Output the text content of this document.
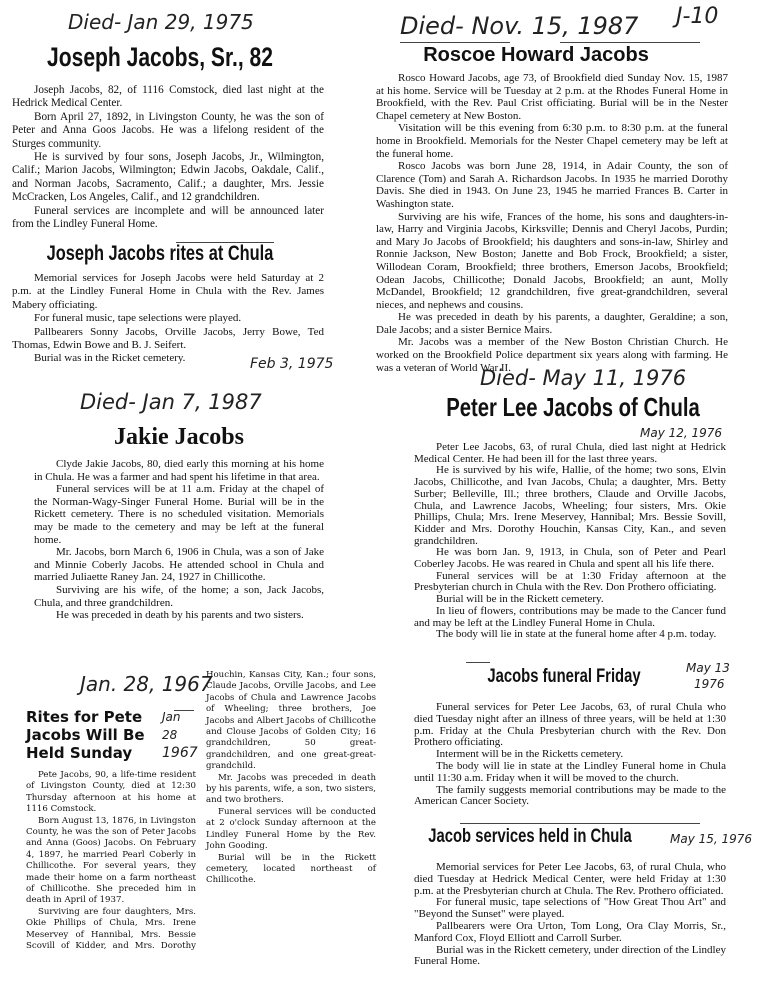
J-10
Died- Jan 29, 1975
Joseph Jacobs, Sr., 82

Joseph Jacobs, 82, of 1116 Comstock, died last night at the Hedrick Medical Center.

Born April 27, 1892, in Livingston County, he was the son of Peter and Anna Goos Jacobs. He was a lifelong resident of the Sturges community.

He is survived by four sons, Joseph Jacobs, Jr., Wilmington, Calif.; Marion Jacobs, Wilmington; Edwin Jacobs, Oakdale, Calif., and Norman Jacobs, Sacramento, Calif.; a daughter, Mrs. Jessie McCracken, Los Angeles, Calif., and 12 grandchildren.

Funeral services are incomplete and will be announced later from the Lindley Funeral Home.

Joseph Jacobs rites at Chula

Memorial services for Joseph Jacobs were held Saturday at 2 p.m. at the Lindley Funeral Home in Chula with the Rev. James Mabery officiating.

For funeral music, tape selections were played.

Pallbearers Sonny Jacobs, Orville Jacobs, Jerry Bowe, Ted Thomas, Edwin Bowe and B. J. Seifert.

Burial was in the Ricket cemetery.	Feb 3, 1975
Died- Nov. 15, 1987
Roscoe Howard Jacobs

Rosco Howard Jacobs, age 73, of Brookfield died Sunday Nov. 15, 1987 at his home. Service will be Tuesday at 2 p.m. at the Rhodes Funeral Home in Brookfield, with the Rev. Paul Crist officiating. Burial will be in the Nester Chapel cemetery at New Boston.

Visitation will be this evening from 6:30 p.m. to 8:30 p.m. at the funeral home in Brookfield. Memorials for the Nester Chapel cemetery may be left at the funeral home.

Rosco Jacobs was born June 28, 1914, in Adair County, the son of Clarence (Tom) and Sarah A. Richardson Jacobs. In 1935 he married Dorothy Davis. She died in 1943. On June 23, 1945 he married Frances B. Carter in Washington state.

Surviving are his wife, Frances of the home, his sons and daughters-in-law, Harry and Virginia Jacobs, Kirksville; Dennis and Cheryl Jacobs, Purdin; and Mary Jo Jacobs of Brookfield; his daughters and sons-in-law, Shirley and Ronnie Jackson, New Boston; Janette and Bob Frock, Brookfield; a sister, Willodean Coram, Brookfield; three brothers, Emerson Jacobs, Brookfield; Odean Jacobs, Chillicothe; Donald Jacobs, Brookfield; an aunt, Molly McDandel, Brookfield; 12 grandchildren, five great-grandchildren, several nieces, and nephews and cousins.

He was preceded in death by his parents, a daughter, Geraldine; a son, Dale Jacobs; and a sister Bernice Mairs.

Mr. Jacobs was a member of the New Boston Christian Church. He worked on the Brookfield Police department six years along with farming. He was a veteran of World War II.

Died- Jan 7, 1987
Jakie Jacobs

Clyde Jakie Jacobs, 80, died early this morning at his home in Chula. He was a farmer and had spent his lifetime in that area.

Funeral services will be at 11 a.m. Friday at the chapel of the Norman-Wagy-Singer Funeral Home. Burial will be in the Rickett cemetery. There is no scheduled visitation. Memorials may be made to the cemetery and may be left at the funeral home.

Mr. Jacobs, born March 6, 1906 in Chula, was a son of Jake and Minnie Coberly Jacobs. He attended school in Chula and married Juliaette Raney Jan. 24, 1927 in Chillicothe.

Surviving are his wife, of the home; a son, Jack Jacobs, Chula, and three grandchildren.

He was preceded in death by his parents and two sisters.

Died- May 11, 1976
Peter Lee Jacobs of Chula
May 12, 1976

Peter Lee Jacobs, 63, of rural Chula, died last night at Hedrick Medical Center. He had been ill for the last three years.

He is survived by his wife, Hallie, of the home; two sons, Elvin Jacobs, Chillicothe, and Ivan Jacobs, Chula; a daughter, Mrs. Betty Surber; Belleville, Ill.; three brothers, Claude and Orville Jacobs, Chula, and Lawrence Jacobs, Wheeling; four sisters, Mrs. Okie Phillips, Chula; Mrs. Irene Meservey, Hannibal; Mrs. Bessie Sovill, Kidder and Mrs. Dorothy Houchin, Kansas City, Kan., and seven grandchildren.

He was born Jan. 9, 1913, in Chula, son of Peter and Pearl Coberley Jacobs. He was reared in Chula and spent all his life there.

Funeral services will be at 1:30 Friday afternoon at the Presbyterian church in Chula with the Rev. Don Prothero officiating.

Burial will be in the Rickett cemetery.

In lieu of flowers, contributions may be made to the Cancer fund and may be left at the Lindley Funeral Home in Chula.

The body will lie in state at the funeral home after 4 p.m. today.

Jan. 28, 1967
Rites for Pete
Jacobs Will Be
Held Sunday
Jan
28
1967

Pete Jacobs, 90, a life-time resident of Livingston County, died at 12:30 Thursday afternoon at his home at 1116 Comstock.

Born August 13, 1876, in Livingston County, he was the son of Peter Jacobs and Anna (Goos) Jacobs. On February 4, 1897, he married Pearl Coberly in Chillicothe. For several years, they made their home on a farm northeast of Chillicothe. She preceded him in death in April of 1937.

Surviving are four daughters, Mrs. Okie Phillips of Chula, Mrs. Irene Meservey of Hannibal, Mrs. Bessie Scovill of Kidder, and Mrs. Dorothy Houchin, Kansas City, Kan.; four sons, Claude Jacobs, Orville Jacobs, and Lee Jacobs of Chula and Lawrence Jacobs of Wheeling; three brothers, Joe Jacobs and Albert Jacobs of Chillicothe and Clouse Jacobs of Golden City; 16 grandchildren, 50 great-grandchildren, and one great-great-grandchild.

Mr. Jacobs was preceded in death by his parents, wife, a son, two sisters, and two brothers.

Funeral services will be conducted at 2 o'clock Sunday afternoon at the Lindley Funeral Home by the Rev. John Gooding.

Burial will be in the Rickett cemetery, located northeast of Chillicothe.

Jacobs funeral Friday	May 13
1976

Funeral services for Peter Lee Jacobs, 63, of rural Chula who died Tuesday night after an illness of three years, will be held at 1:30 p.m. Friday at the Chula Presbyterian church with the Rev. Don Prothero officiating.

Interment will be in the Ricketts cemetery.

The body will lie in state at the Lindley Funeral home in Chula until 11:30 a.m. Friday when it will be moved to the church.

The family suggests memorial contributions may be made to the American Cancer Society.

Jacob services held in Chula	May 15, 1976

Memorial services for Peter Lee Jacobs, 63, of rural Chula, who died Tuesday at Hedrick Medical Center, were held Friday at 1:30 p.m. at the Presbyterian church at Chula. The Rev. Prothero officiated.

For funeral music, tape selections of "How Great Thou Art" and "Beyond the Sunset" were played.

Pallbearers were Ora Urton, Tom Long, Ora Clay Morris, Sr., Manford Cox, Floyd Elliott and Carroll Surber.

Burial was in the Rickett cemetery, under direction of the Lindley Funeral Home.
